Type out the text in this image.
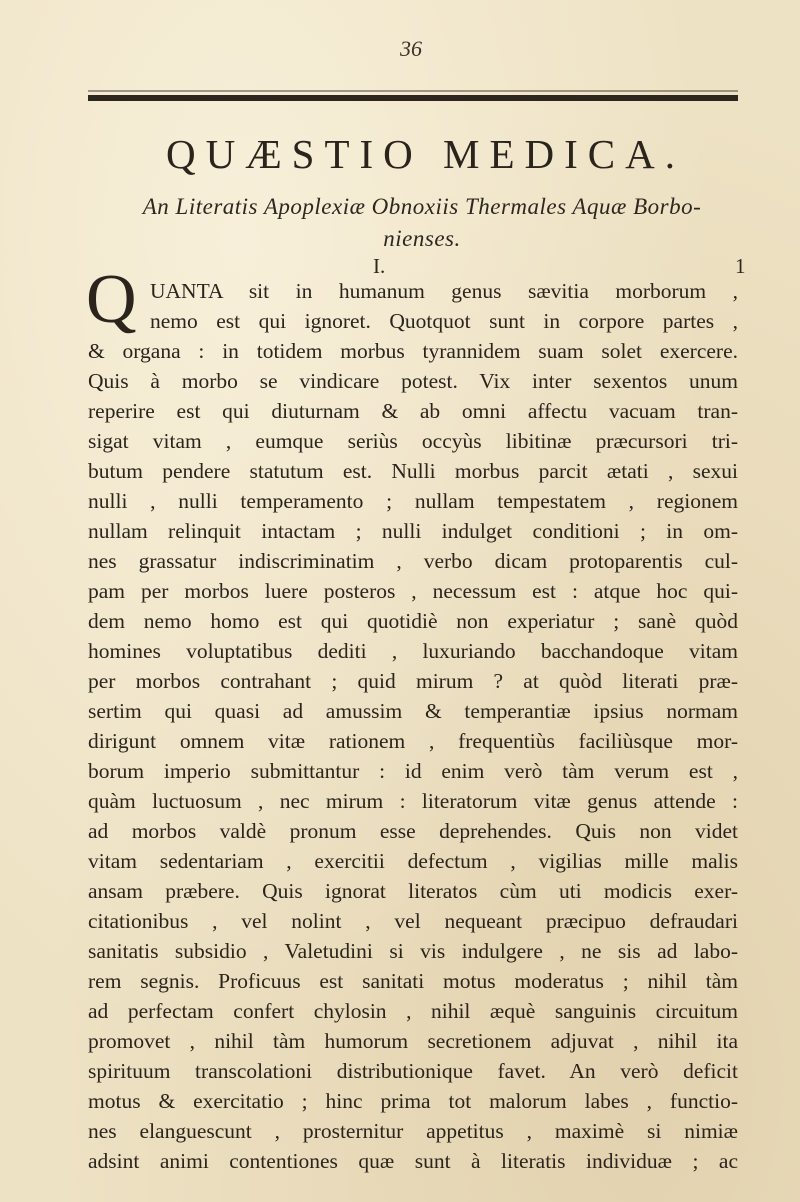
36
QUÆSTIO MEDICA.
An Literatis Apoplexiæ Obnoxiis Thermales Aquæ Borbo-
nienses.
I.	1
Q UANTA sit in humanum genus sævitia morborum ,
nemo est qui ignoret. Quotquot sunt in corpore partes ,
& organa : in totidem morbus tyrannidem suam solet exercere.
Quis à morbo se vindicare potest. Vix inter sexentos unum
reperire est qui diuturnam & ab omni affectu vacuam tran-
sigat vitam , eumque seriùs occyùs libitinæ præcursori tri-
butum pendere statutum est. Nulli morbus parcit ætati , sexui
nulli , nulli temperamento ; nullam tempestatem , regionem
nullam relinquit intactam ; nulli indulget conditioni ; in om-
nes grassatur indiscriminatim , verbo dicam protoparentis cul-
pam per morbos luere posteros , necessum est : atque hoc qui-
dem nemo homo est qui quotidiè non experiatur ; sanè quòd
homines voluptatibus dediti , luxuriando bacchandoque vitam
per morbos contrahant ; quid mirum ? at quòd literati præ-
sertim qui quasi ad amussim & temperantiæ ipsius normam
dirigunt omnem vitæ rationem , frequentiùs faciliùsque mor-
borum imperio submittantur : id enim verò tàm verum est ,
quàm luctuosum , nec mirum : literatorum vitæ genus attende :
ad morbos valdè pronum esse deprehendes. Quis non videt
vitam sedentariam , exercitii defectum , vigilias mille malis
ansam præbere. Quis ignorat literatos cùm uti modicis exer-
citationibus , vel nolint , vel nequeant præcipuo defraudari
sanitatis subsidio , Valetudini si vis indulgere , ne sis ad labo-
rem segnis. Proficuus est sanitati motus moderatus ; nihil tàm
ad perfectam confert chylosin , nihil æquè sanguinis circuitum
promovet , nihil tàm humorum secretionem adjuvat , nihil ita
spirituum transcolationi distributionique favet. An verò deficit
motus & exercitatio ; hinc prima tot malorum labes , functio-
nes elanguescunt , prosternitur appetitus , maximè si nimiæ
adsint animi contentiones quæ sunt à literatis individuæ ; ac
